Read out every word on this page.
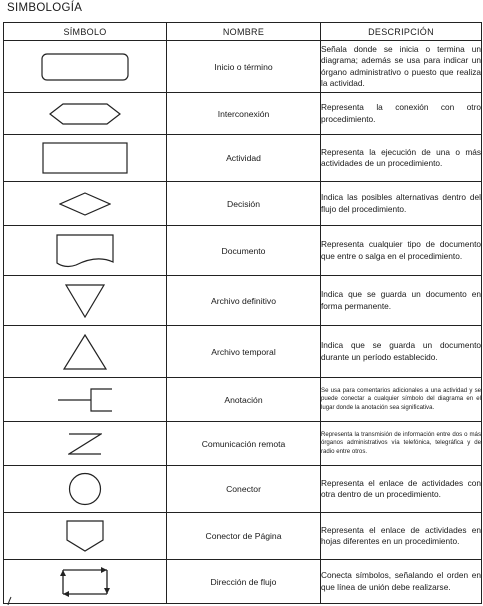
SIMBOLOGÍA
SÍMBOLO	NOMBRE	DESCRIPCIÓN

	Inicio o término	Señala donde se inicia o termina un diagrama; además se usa para indicar un órgano administrativo o puesto que realiza la actividad.

	Interconexión	Representa la conexión con otro procedimiento.

	Actividad	Representa la ejecución de una o más actividades de un procedimiento.

	Decisión	Indica las posibles alternativas dentro del flujo del procedimiento.

	Documento	Representa cualquier tipo de documento que entre o salga en el procedimiento.

	Archivo definitivo	Indica que se guarda un documento en forma permanente.

	Archivo temporal	Indica que se guarda un documento durante un período establecido.

	Anotación	Se usa para comentarios adicionales a una actividad y se puede conectar a cualquier símbolo del diagrama en el lugar donde la anotación sea significativa.

	Comunicación remota	Representa la transmisión de información entre dos o más órganos administrativos vía telefónica, telegráfica y de radio entre otros.

	Conector	Representa el enlace de actividades con otra dentro de un procedimiento.

	Conector de Página	Representa el enlace de actividades en hojas diferentes en un procedimiento.

	Dirección de flujo	Conecta símbolos, señalando el orden en que línea de unión debe realizarse.
